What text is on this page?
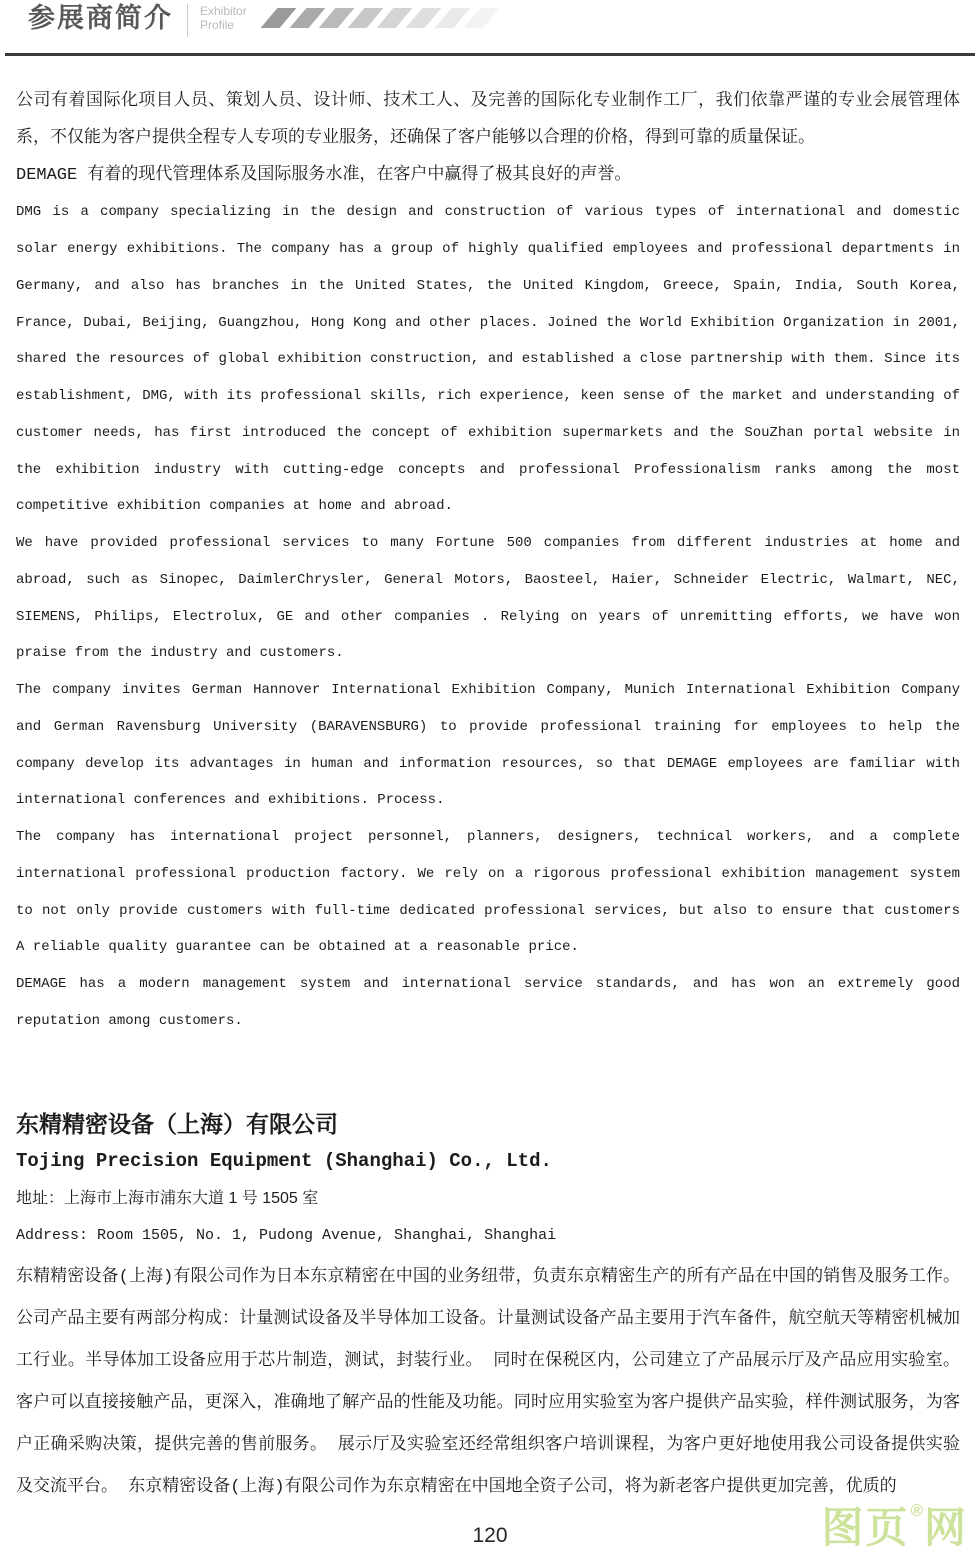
参展商简介 Exhibitor
Profile

公司有着国际化项目人员、策划人员、设计师、技术工人、及完善的国际化专业制作工厂，我们依靠严谨的专业会展管理体系，不仅能为客户提供全程专人专项的专业服务，还确保了客户能够以合理的价格，得到可靠的质量保证。

DEMAGE 有着的现代管理体系及国际服务水准，在客户中赢得了极其良好的声誉。

DMG is a company specializing in the design and construction of various types of international and domestic solar energy exhibitions. The company has a group of highly qualified employees and professional departments in Germany, and also has branches in the United States, the United Kingdom, Greece, Spain, India, South Korea, France, Dubai, Beijing, Guangzhou, Hong Kong and other places. Joined the World Exhibition Organization in 2001, shared the resources of global exhibition construction, and established a close partnership with them. Since its establishment, DMG, with its professional skills, rich experience, keen sense of the market and understanding of customer needs, has first introduced the concept of exhibition supermarkets and the SouZhan portal website in the exhibition industry with cutting-edge concepts and professional Professionalism ranks among the most competitive exhibition companies at home and abroad.

We have provided professional services to many Fortune 500 companies from different industries at home and abroad, such as Sinopec, DaimlerChrysler, General Motors, Baosteel, Haier, Schneider Electric, Walmart, NEC, SIEMENS, Philips, Electrolux, GE and other companies . Relying on years of unremitting efforts, we have won praise from the industry and customers.

The company invites German Hannover International Exhibition Company, Munich International Exhibition Company and German Ravensburg University (BARAVENSBURG) to provide professional training for employees to help the company develop its advantages in human and information resources, so that DEMAGE employees are familiar with international conferences and exhibitions. Process.

The company has international project personnel, planners, designers, technical workers, and a complete international professional production factory. We rely on a rigorous professional exhibition management system to not only provide customers with full-time dedicated professional services, but also to ensure that customers A reliable quality guarantee can be obtained at a reasonable price.

DEMAGE has a modern management system and international service standards, and has won an extremely good reputation among customers.

东精精密设备（上海）有限公司
Tojing Precision Equipment (Shanghai) Co., Ltd.
地址：上海市上海市浦东大道 1 号 1505 室
Address: Room 1505, No. 1, Pudong Avenue, Shanghai, Shanghai

东精精密设备(上海)有限公司作为日本东京精密在中国的业务纽带，负责东京精密生产的所有产品在中国的销售及服务工作。公司产品主要有两部分构成：计量测试设备及半导体加工设备。计量测试设备产品主要用于汽车备件，航空航天等精密机械加工行业。半导体加工设备应用于芯片制造，测试，封装行业。 同时在保税区内，公司建立了产品展示厅及产品应用实验室。客户可以直接接触产品，更深入，准确地了解产品的性能及功能。同时应用实验室为客户提供产品实验，样件测试服务，为客户正确采购决策，提供完善的售前服务。 展示厅及实验室还经常组织客户培训课程，为客户更好地使用我公司设备提供实验及交流平台。 东京精密设备(上海)有限公司作为东京精密在中国地全资子公司，将为新老客户提供更加完善，优质的

120	图页®网
